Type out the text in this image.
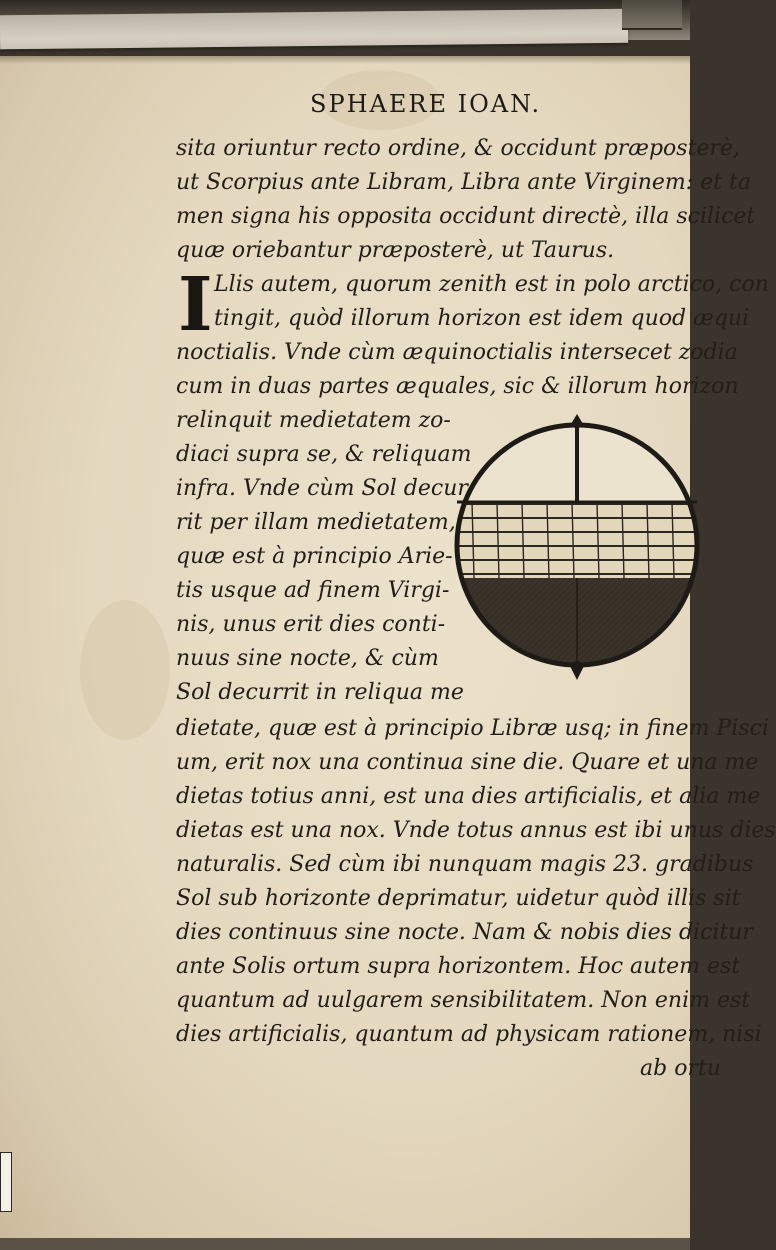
SPHAERE IOAN.
sita oriuntur recto ordine, & occidunt præposterè,
ut Scorpius ante Libram, Libra ante Virginem: et ta
men signa his opposita occidunt directè, illa scilicet
quæ oriebantur præposterè, ut Taurus.
I Llis autem, quorum zenith est in polo arctico, con
tingit, quòd illorum horizon est idem quod æqui
noctialis. Vnde cùm æquinoctialis intersecet zodia
cum in duas partes æquales, sic & illorum horizon
relinquit medietatem zo-
diaci supra se, & reliquam
infra. Vnde cùm Sol decur
rit per illam medietatem,
quæ est à principio Arie-
tis usque ad finem Virgi-
nis, unus erit dies conti-
nuus sine nocte, & cùm
Sol decurrit in reliqua me
dietate, quæ est à principio Libræ usq; in finem Pisci
um, erit nox una continua sine die. Quare et una me
dietas totius anni, est una dies artificialis, et alia me
dietas est una nox. Vnde totus annus est ibi unus dies
naturalis. Sed cùm ibi nunquam magis 23. gradibus
Sol sub horizonte deprimatur, uidetur quòd illis sit
dies continuus sine nocte. Nam & nobis dies dicitur
ante Solis ortum supra horizontem. Hoc autem est
quantum ad uulgarem sensibilitatem. Non enim est
dies artificialis, quantum ad physicam rationem, nisi
ab ortu
